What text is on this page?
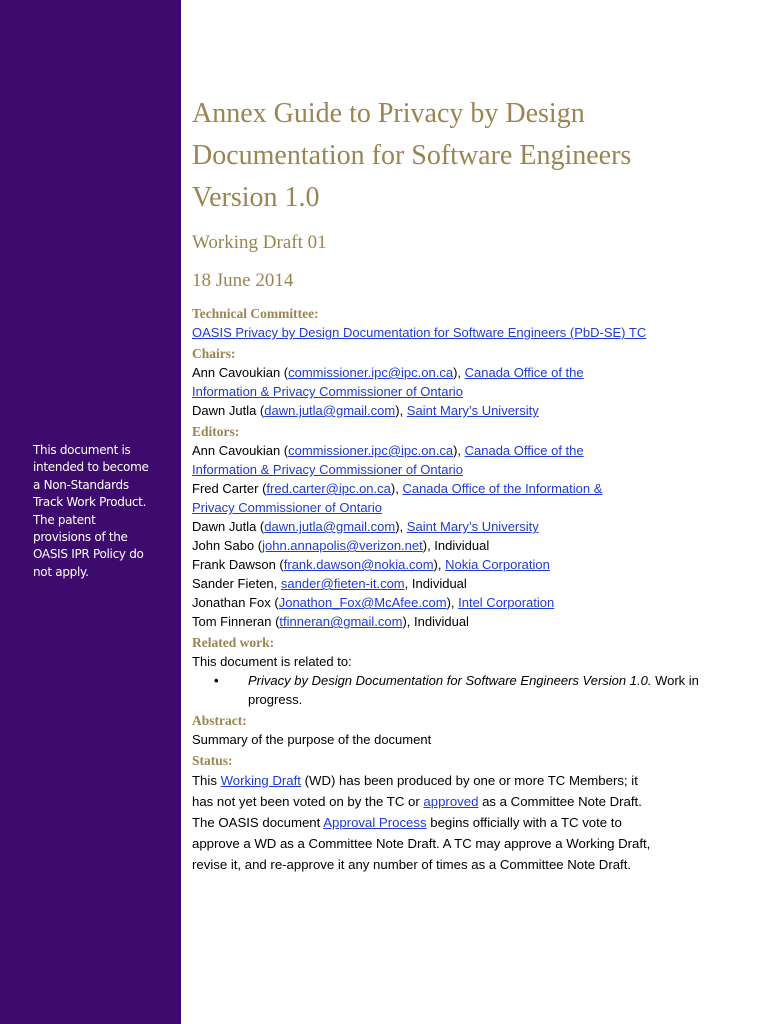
This document is intended to become a Non-Standards Track Work Product. The patent provisions of the OASIS IPR Policy do not apply.
Annex Guide to Privacy by Design Documentation for Software Engineers Version 1.0
Working Draft 01
18 June 2014
Technical Committee:
OASIS Privacy by Design Documentation for Software Engineers (PbD-SE) TC
Chairs:
Ann Cavoukian (commissioner.ipc@ipc.on.ca), Canada Office of the
Information & Privacy Commissioner of Ontario
Dawn Jutla (dawn.jutla@gmail.com), Saint Mary’s University
Editors:
Ann Cavoukian (commissioner.ipc@ipc.on.ca), Canada Office of the
Information & Privacy Commissioner of Ontario
Fred Carter (fred.carter@ipc.on.ca), Canada Office of the Information &
Privacy Commissioner of Ontario
Dawn Jutla (dawn.jutla@gmail.com), Saint Mary’s University
John Sabo (john.annapolis@verizon.net), Individual
Frank Dawson (frank.dawson@nokia.com), Nokia Corporation
Sander Fieten, sander@fieten-it.com, Individual
Jonathan Fox (Jonathon_Fox@McAfee.com), Intel Corporation
Tom Finneran (tfinneran@gmail.com), Individual
Related work:
This document is related to:
• Privacy by Design Documentation for Software Engineers Version 1.0. Work in progress.
Abstract:
Summary of the purpose of the document
Status:
This Working Draft (WD) has been produced by one or more TC Members; it has not yet been voted on by the TC or approved as a Committee Note Draft. The OASIS document Approval Process begins officially with a TC vote to approve a WD as a Committee Note Draft. A TC may approve a Working Draft, revise it, and re-approve it any number of times as a Committee Note Draft.
